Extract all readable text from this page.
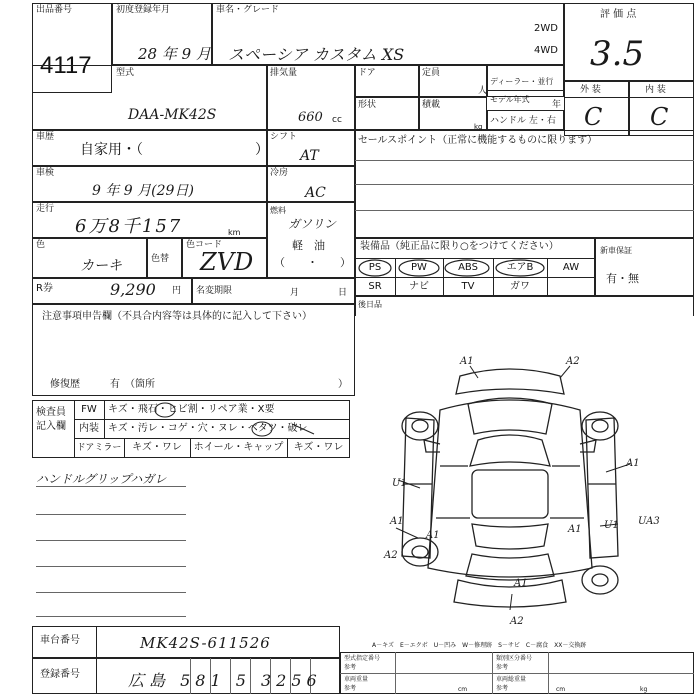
出品番号
4117
初度登録年月
28 年 9 月
車名・グレード
スペーシア カスタム XS
2WD
4WD
評 価 点
3.5
外 装	内 装
C C
型式
DAA-MK42S
排気量
660 cc
ドア	定員
人
ディーラー・並行
モデル年式
年
形状	積載
kg
ハンドル 左・右
車歴
自家用・（　　　　　　　　）
シフト
AT
車検
9 年 9 月(29日)
冷房
AC
走行
6万8千157	km
燃料
ガソリン
軽　油
（　　・　　）
色
カーキ	色替
色コード
ZVD
R券	9,290 円 名変期限	月	日
注意事項申告欄（不具合内容等は具体的に記入して下さい）
修復歴	有　（箇所	）
セールスポイント（正常に機能するものに限ります）
装備品（純正品に限り○をつけてください）	新車保証
有・無
PS	PW	ABS	エアB	AW
SR	ナビ	TV	ガワ
後日品
検査員
記入欄
FW	キズ・飛石・ヒビ割・リペア業・X要
内装 キズ・汚レ・コゲ・穴・ヌレ・ベタツ・破レ
ドアミラー	キズ・ワレ	ホイール・キャップ	キズ・ワレ
ハンドルグリップハガレ
A1	A2
U1
A1
A1
A2
A1
U1 UA3
A1
A2
A1
A－キズ　E－エクボ　U－凹み　W－修理跡　S－サビ　C－腐食　XX－交換跡
車台番号	MK42S-611526
登録番号	広島 581 5 3256
型式指定番号
参考
類別区分番号
参考
車両重量
参考
車両総重量
参考
cm	cm	kg
